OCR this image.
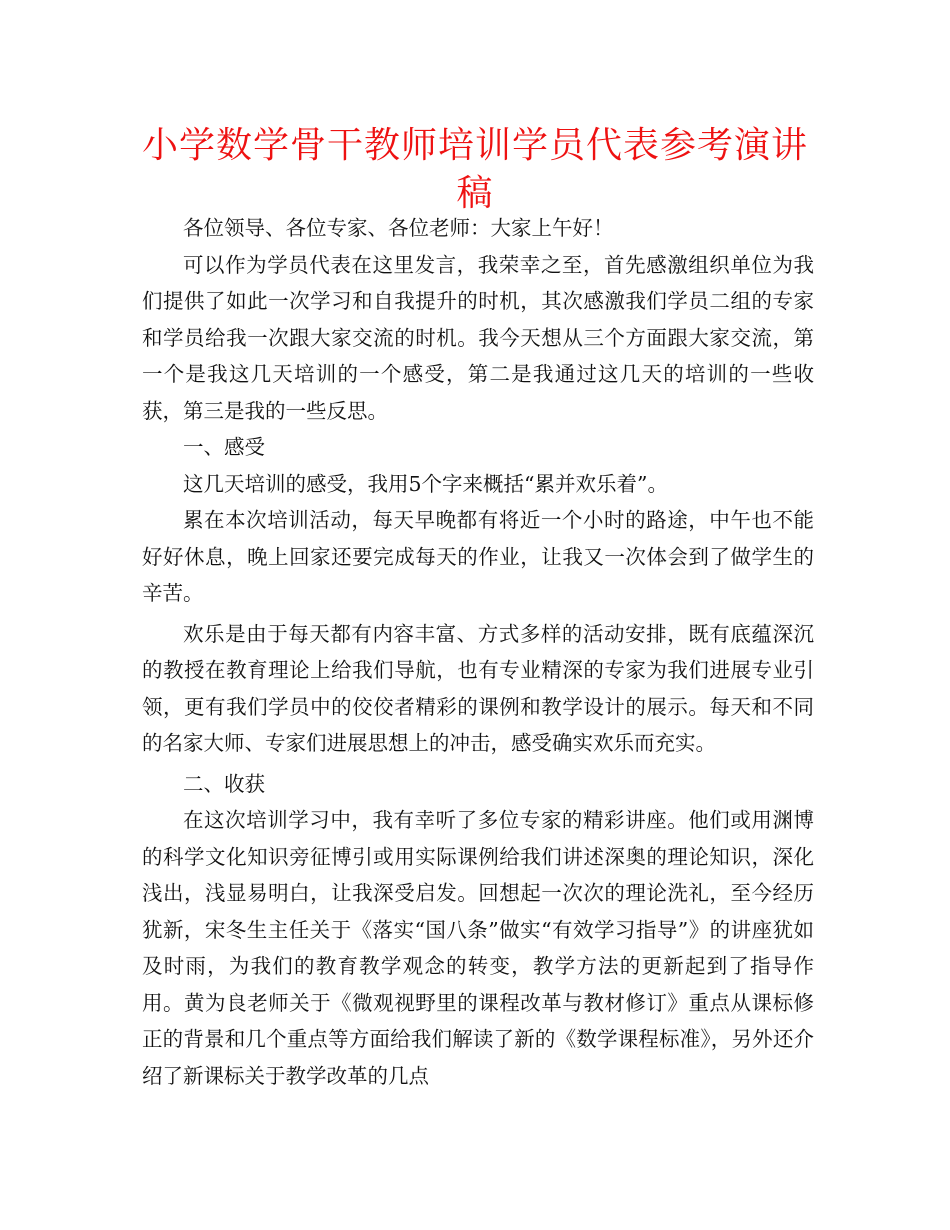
小学数学骨干教师培训学员代表参考演讲稿

各位领导、各位专家、各位老师：大家上午好！

可以作为学员代表在这里发言，我荣幸之至，首先感激组织单位为我们提供了如此一次学习和自我提升的时机，其次感激我们学员二组的专家和学员给我一次跟大家交流的时机。我今天想从三个方面跟大家交流，第一个是我这几天培训的一个感受，第二是我通过这几天的培训的一些收获，第三是我的一些反思。

一、感受

这几天培训的感受，我用5个字来概括“累并欢乐着”。

累在本次培训活动，每天早晚都有将近一个小时的路途，中午也不能好好休息，晚上回家还要完成每天的作业，让我又一次体会到了做学生的辛苦。

欢乐是由于每天都有内容丰富、方式多样的活动安排，既有底蕴深沉的教授在教育理论上给我们导航，也有专业精深的专家为我们进展专业引领，更有我们学员中的佼佼者精彩的课例和教学设计的展示。每天和不同的名家大师、专家们进展思想上的冲击，感受确实欢乐而充实。

二、收获

在这次培训学习中，我有幸听了多位专家的精彩讲座。他们或用渊博的科学文化知识旁征博引或用实际课例给我们讲述深奥的理论知识，深化浅出，浅显易明白，让我深受启发。回想起一次次的理论洗礼，至今经历犹新，宋冬生主任关于《落实“国八条”做实“有效学习指导”》的讲座犹如及时雨，为我们的教育教学观念的转变，教学方法的更新起到了指导作用。黄为良老师关于《微观视野里的课程改革与教材修订》重点从课标修正的背景和几个重点等方面给我们解读了新的《数学课程标准》，另外还介绍了新课标关于教学改革的几点
